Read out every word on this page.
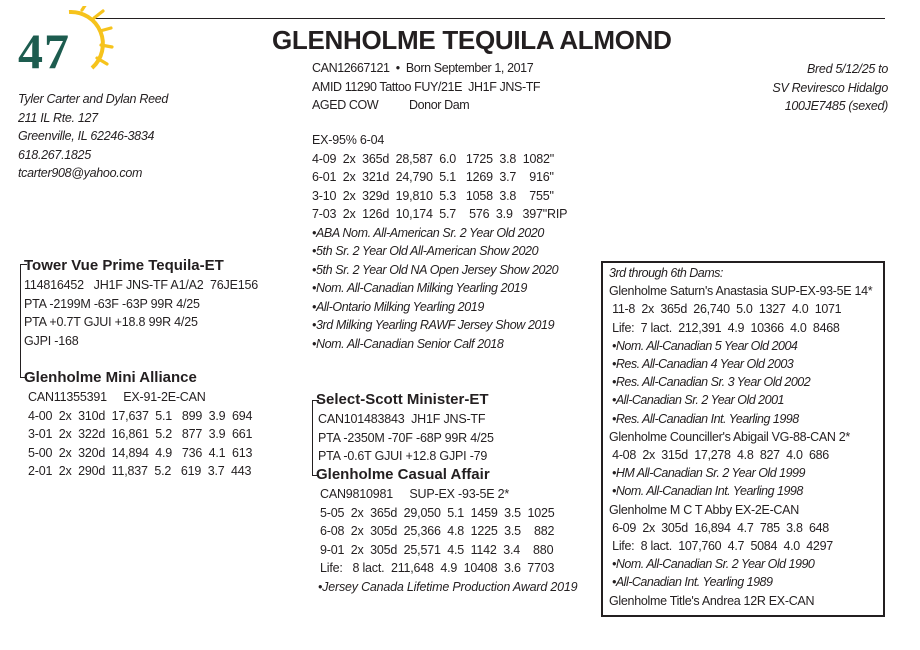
47	GLENHOLME TEQUILA ALMOND
Tyler Carter and Dylan Reed
211 IL Rte. 127
Greenville, IL 62246-3834
618.267.1825
tcarter908@yahoo.com
Bred 5/12/25 to
SV Reviresco Hidalgo
100JE7485 (sexed)
CAN12667121  •  Born September 1, 2017
AMID 11290 Tattoo FUY/21E  JH1F JNS-TF
AGED COW          Donor Dam
EX-95% 6-04
4-09  2x  365d  28,587  6.0   1725  3.8  1082"
6-01  2x  321d  24,790  5.1   1269  3.7    916"
3-10  2x  329d  19,810  5.3   1058  3.8    755"
7-03  2x  126d  10,174  5.7    576  3.9   397"RIP
•ABA Nom. All-American Sr. 2 Year Old 2020
•5th Sr. 2 Year Old All-American Show 2020
•5th Sr. 2 Year Old NA Open Jersey Show 2020
•Nom. All-Canadian Milking Yearling 2019
•All-Ontario Milking Yearling 2019
•3rd Milking Yearling RAWF Jersey Show 2019
•Nom. All-Canadian Senior Calf 2018
Tower Vue Prime Tequila-ET
114816452   JH1F JNS-TF A1/A2  76JE156
PTA -2199M -63F -63P 99R 4/25
PTA +0.7T GJUI +18.8 99R 4/25
GJPI -168
Glenholme Mini Alliance
CAN11355391     EX-91-2E-CAN
4-00  2x  310d  17,637  5.1   899  3.9  694
3-01  2x  322d  16,861  5.2   877  3.9  661
5-00  2x  320d  14,894  4.9   736  4.1  613
2-01  2x  290d  11,837  5.2   619  3.7  443
Select-Scott Minister-ET
CAN101483843  JH1F JNS-TF
PTA -2350M -70F -68P 99R 4/25
PTA -0.6T GJUI +12.8 GJPI -79
Glenholme Casual Affair
CAN9810981     SUP-EX -93-5E 2*
5-05  2x  365d  29,050  5.1  1459  3.5  1025
6-08  2x  305d  25,366  4.8  1225  3.5    882
9-01  2x  305d  25,571  4.5  1142  3.4    880
Life:   8 lact.  211,648  4.9  10408  3.6  7703
•Jersey Canada Lifetime Production Award 2019
3rd through 6th Dams:
Glenholme Saturn's Anastasia SUP-EX-93-5E 14*
11-8  2x  365d  26,740  5.0  1327  4.0  1071
Life:  7 lact.  212,391  4.9  10366  4.0  8468
•Nom. All-Canadian 5 Year Old 2004
•Res. All-Canadian 4 Year Old 2003
•Res. All-Canadian Sr. 3 Year Old 2002
•All-Canadian Sr. 2 Year Old 2001
•Res. All-Canadian Int. Yearling 1998
Glenholme Counciller's Abigail VG-88-CAN 2*
4-08  2x  315d  17,278  4.8  827  4.0  686
•HM All-Canadian Sr. 2 Year Old 1999
•Nom. All-Canadian Int. Yearling 1998
Glenholme M C T Abby EX-2E-CAN
6-09  2x  305d  16,894  4.7  785  3.8  648
Life:  8 lact.  107,760  4.7  5084  4.0  4297
•Nom. All-Canadian Sr. 2 Year Old 1990
•All-Canadian Int. Yearling 1989
Glenholme Title's Andrea 12R EX-CAN
